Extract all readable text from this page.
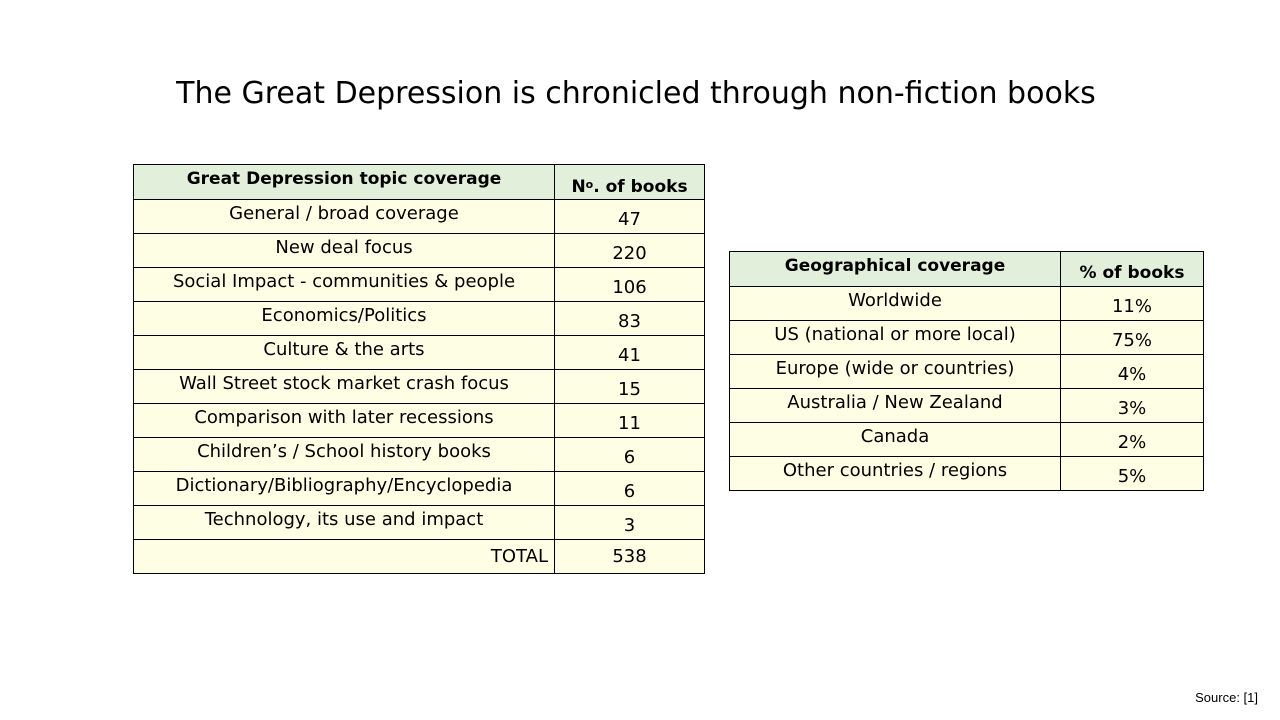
The Great Depression is chronicled through non-fiction books
Great Depression topic coverage	$N^o$. of books
General / broad coverage	47
New deal focus	220
Social Impact - communities & people	106
Economics/Politics	83
Culture & the arts	41
Wall Street stock market crash focus	15
Comparison with later recessions	11
Children’s / School history books	6
Dictionary/Bibliography/Encyclopedia	6
Technology, its use and impact	3
TOTAL	538
Geographical coverage	% of books
Worldwide	11%
US (national or more local)	75%
Europe (wide or countries)	4%
Australia / New Zealand	3%
Canada	2%
Other countries / regions	5%
Source: [1]
